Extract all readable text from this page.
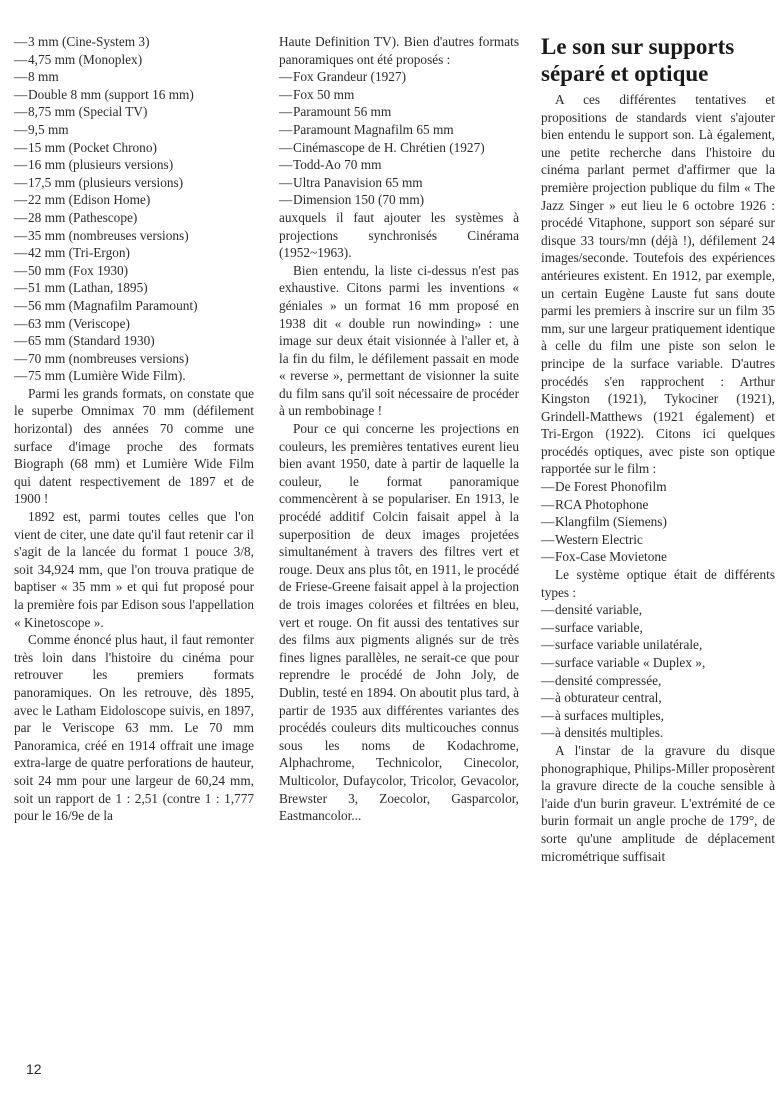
—3 mm (Cine-System 3)

—4,75 mm (Monoplex)

—8 mm

—Double 8 mm (support 16 mm)

—8,75 mm (Special TV)

—9,5 mm

—15 mm (Pocket Chrono)

—16 mm (plusieurs versions)

—17,5 mm (plusieurs versions)

—22 mm (Edison Home)

—28 mm (Pathescope)

—35 mm (nombreuses versions)

—42 mm (Tri-Ergon)

—50 mm (Fox 1930)

—51 mm (Lathan, 1895)

—56 mm (Magnafilm Paramount)

—63 mm (Veriscope)

—65 mm (Standard 1930)

—70 mm (nombreuses versions)

—75 mm (Lumière Wide Film).

Parmi les grands formats, on constate que le superbe Omnimax 70 mm (défilement horizontal) des années 70 comme une surface d'image proche des formats Biograph (68 mm) et Lumière Wide Film qui datent respectivement de 1897 et de 1900 !

1892 est, parmi toutes celles que l'on vient de citer, une date qu'il faut retenir car il s'agit de la lancée du format 1 pouce 3/8, soit 34,924 mm, que l'on trouva pratique de baptiser « 35 mm » et qui fut proposé pour la première fois par Edison sous l'appellation « Kinetoscope ».

Comme énoncé plus haut, il faut remonter très loin dans l'histoire du cinéma pour retrouver les premiers formats panoramiques. On les retrouve, dès 1895, avec le Latham Eidoloscope suivis, en 1897, par le Veriscope 63 mm. Le 70 mm Panoramica, créé en 1914 offrait une image extra-large de quatre perforations de hauteur, soit 24 mm pour une largeur de 60,24 mm, soit un rapport de 1 : 2,51 (contre 1 : 1,777 pour le 16/9e de la

Haute Definition TV). Bien d'autres formats panoramiques ont été proposés :

—Fox Grandeur (1927)

—Fox 50 mm

—Paramount 56 mm

—Paramount Magnafilm 65 mm

—Cinémascope de H. Chrétien (1927)

—Todd-Ao 70 mm

—Ultra Panavision 65 mm

—Dimension 150 (70 mm)

auxquels il faut ajouter les systèmes à projections synchronisés Cinérama (1952~1963).

Bien entendu, la liste ci-dessus n'est pas exhaustive. Citons parmi les inventions « géniales » un format 16 mm proposé en 1938 dit « double run nowinding» : une image sur deux était visionnée à l'aller et, à la fin du film, le défilement passait en mode « reverse », permettant de visionner la suite du film sans qu'il soit nécessaire de procéder à un rembobinage !

Pour ce qui concerne les projections en couleurs, les premières tentatives eurent lieu bien avant 1950, date à partir de laquelle la couleur, le format panoramique commencèrent à se populariser. En 1913, le procédé additif Colcin faisait appel à la superposition de deux images projetées simultanément à travers des filtres vert et rouge. Deux ans plus tôt, en 1911, le procédé de Friese-Greene faisait appel à la projection de trois images colorées et filtrées en bleu, vert et rouge. On fit aussi des tentatives sur des films aux pigments alignés sur de très fines lignes parallèles, ne serait-ce que pour reprendre le procédé de John Joly, de Dublin, testé en 1894. On aboutit plus tard, à partir de 1935 aux différentes variantes des procédés couleurs dits multicouches connus sous les noms de Kodachrome, Alphachrome, Technicolor, Cinecolor, Multicolor, Dufaycolor, Tricolor, Gevacolor, Brewster 3, Zoecolor, Gasparcolor, Eastmancolor...

Le son sur supports séparé et optique

A ces différentes tentatives et propositions de standards vient s'ajouter bien entendu le support son. Là également, une petite recherche dans l'histoire du cinéma parlant permet d'affirmer que la première projection publique du film « The Jazz Singer » eut lieu le 6 octobre 1926 : procédé Vitaphone, support son séparé sur disque 33 tours/mn (déjà !), défilement 24 images/seconde. Toutefois des expériences antérieures existent. En 1912, par exemple, un certain Eugène Lauste fut sans doute parmi les premiers à inscrire sur un film 35 mm, sur une largeur pratiquement identique à celle du film une piste son selon le principe de la surface variable. D'autres procédés s'en rapprochent : Arthur Kingston (1921), Tykociner (1921), Grindell-Matthews (1921 également) et Tri-Ergon (1922). Citons ici quelques procédés optiques, avec piste son optique rapportée sur le film :

—De Forest Phonofilm

—RCA Photophone

—Klangfilm (Siemens)

—Western Electric

—Fox-Case Movietone

Le système optique était de différents types :

—densité variable,

—surface variable,

—surface variable unilatérale,

—surface variable « Duplex »,

—densité compressée,

—à obturateur central,

—à surfaces multiples,

—à densités multiples.

A l'instar de la gravure du disque phonographique, Philips-Miller proposèrent la gravure directe de la couche sensible à l'aide d'un burin graveur. L'extrémité de ce burin formait un angle proche de 179°, de sorte qu'une amplitude de déplacement micrométrique suffisait

12
